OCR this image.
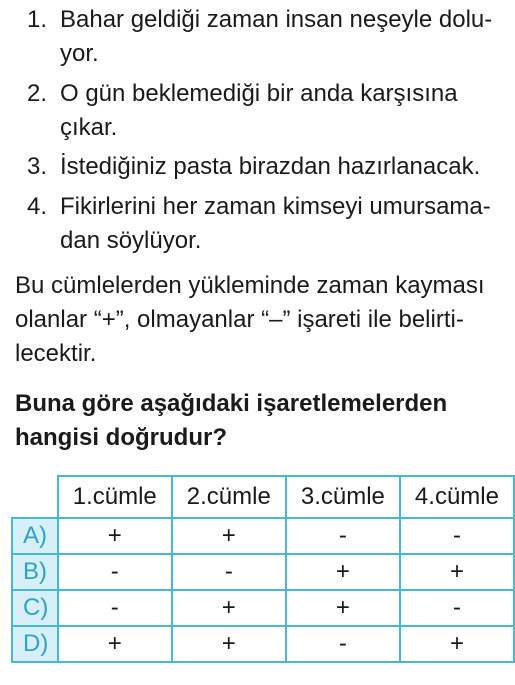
1. Bahar geldiği zaman insan neşeyle dolu-
yor.
2. O gün beklemediği bir anda karşısına
çıkar.
3. İstediğiniz pasta birazdan hazırlanacak.
4. Fikirlerini her zaman kimseyi umursama-
dan söylüyor.
Bu cümlelerden yükleminde zaman kayması
olanlar “+”, olmayanlar “–” işareti ile belirti-
lecektir.
Buna göre aşağıdaki işaretlemelerden
hangisi doğrudur?
	1.cümle	2.cümle	3.cümle	4.cümle
A)	+	+	-	-
B)	-	-	+	+
C)	-	+	+	-
D)	+	+	-	+
